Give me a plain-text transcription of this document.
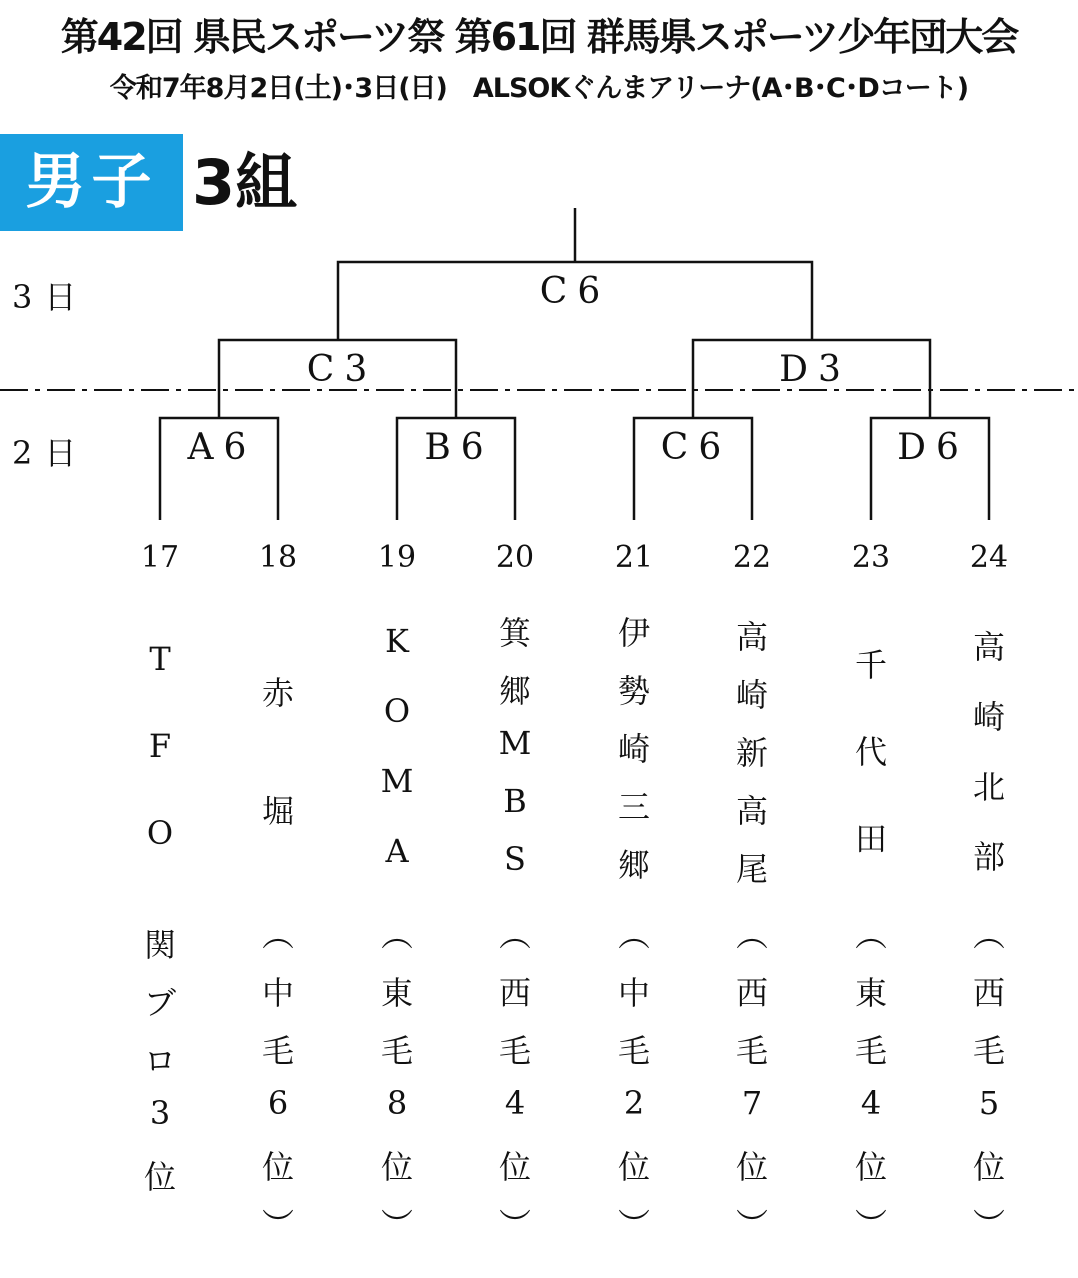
第42回 県民スポーツ祭 第61回 群馬県スポーツ少年団大会
令和7年8月2日(土)･3日(日)　ALSOKぐんまアリーナ(A･B･C･Dコート)
男子 3組
3日
2日
C6
C3	D3
A6	B6	C6	D6
17
T
F
O
関
ブ
ロ
3
位
18
赤
堀
︵
中
毛
6
位
︶
19
K
O
M
A
︵
東
毛
8
位
︶
20
箕
郷
M
B
S
︵
西
毛
4
位
︶
21
伊
勢
崎
三
郷
︵
中
毛
2
位
︶
22
高
崎
新
高
尾
︵
西
毛
7
位
︶
23
千
代
田
︵
東
毛
4
位
︶
24
高
崎
北
部
︵
西
毛
5
位
︶
